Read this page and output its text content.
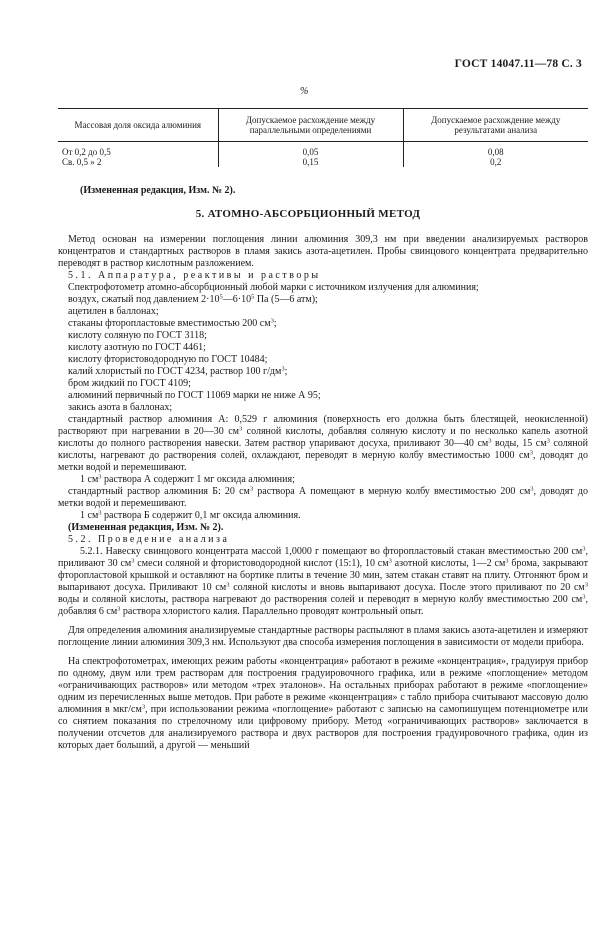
ГОСТ 14047.11—78 С. 3
%
Массовая доля оксида алюминия	Допускаемое расхождение между параллельными определениями	Допускаемое расхождение между результатами анализа
От 0,2 до 0,5	0,05	0,08
Св. 0,5 » 2	0,15	0,2
(Измененная редакция, Изм. № 2).
5. АТОМНО-АБСОРБЦИОННЫЙ МЕТОД

Метод основан на измерении поглощения линии алюминия 309,3 нм при введении анализируемых растворов концентратов и стандартных растворов в пламя закись азота-ацетилен. Пробы свинцового концентрата предварительно переводят в раствор кислотным разложением.

5.1. Аппаратура, реактивы и растворы

Спектрофотометр атомно-абсорбционный любой марки с источником излучения для алюминия;

воздух, сжатый под давлением $2\cdot 10^5—6\cdot 10^5$ Па (5—6 атм);

ацетилен в баллонах;

стаканы фторопластовые вместимостью 200 $см^3$;

кислоту соляную по ГОСТ 3118;

кислоту азотную по ГОСТ 4461;

кислоту фтористоводородную по ГОСТ 10484;

калий хлористый по ГОСТ 4234, раствор 100 $г/дм^3$;

бром жидкий по ГОСТ 4109;

алюминий первичный по ГОСТ 11069 марки не ниже А 95;

закись азота в баллонах;

стандартный раствор алюминия А: 0,529 г алюминия (поверхность его должна быть блестящей, неокисленной) растворяют при нагревании в 20—30 $см^3$ соляной кислоты, добавляя соляную кислоту и по несколько капель азотной кислоты до полного растворения навески. Затем раствор упаривают досуха, приливают 30—40 $см^3$ воды, 15 $см^3$ соляной кислоты, нагревают до растворения солей, охлаждают, переводят в мерную колбу вместимостью 1000 $см^3$, доводят до метки водой и перемешивают.

1 $см^3$ раствора А содержит 1 мг оксида алюминия;

стандартный раствор алюминия Б: 20 $см^3$ раствора А помещают в мерную колбу вместимостью 200 $см^3$, доводят до метки водой и перемешивают.

1 $см^3$ раствора Б содержит 0,1 мг оксида алюминия.

(Измененная редакция, Изм. № 2).

5.2. Проведение анализа

5.2.1. Навеску свинцового концентрата массой 1,0000 г помещают во фторопластовый стакан вместимостью 200 $см^3$, приливают 30 $см^3$ смеси соляной и фтористоводородной кислот (15:1), 10 $см^3$ азотной кислоты, 1—2 $см^3$ брома, закрывают фторопластовой крышкой и оставляют на бортике плиты в течение 30 мин, затем стакан ставят на плиту. Отгоняют бром и выпаривают досуха. Приливают 10 $см^3$ соляной кислоты и вновь выпаривают досуха. После этого приливают по 20 $см^3$ воды и соляной кислоты, раствора нагревают до растворения солей и переводят в мерную колбу вместимостью 200 $см^3$, добавляя 6 $см^3$ раствора хлористого калия. Параллельно проводят контрольный опыт.

Для определения алюминия анализируемые стандартные растворы распыляют в пламя закись азота-ацетилен и измеряют поглощение линии алюминия 309,3 нм. Используют два способа измерения поглощения в зависимости от модели прибора.

На спектрофотометрах, имеющих режим работы «концентрация» работают в режиме «концентрация», градуируя прибор по одному, двум или трем растворам для построения градуировочного графика, или в режиме «поглощение» методом «ограничивающих растворов» или методом «трех эталонов». На остальных приборах работают в режиме «поглощение» одним из перечисленных выше методов. При работе в режиме «концентрация» с табло прибора считывают массовую долю алюминия в мкг/$см^3$, при использовании режима «поглощение» работают с записью на самопишущем потенциометре или со снятием показания по стрелочному или цифровому прибору. Метод «ограничивающих растворов» заключается в получении отсчетов для анализируемого раствора и двух растворов для построения градуировочного графика, один из которых дает больший, а другой — меньший
